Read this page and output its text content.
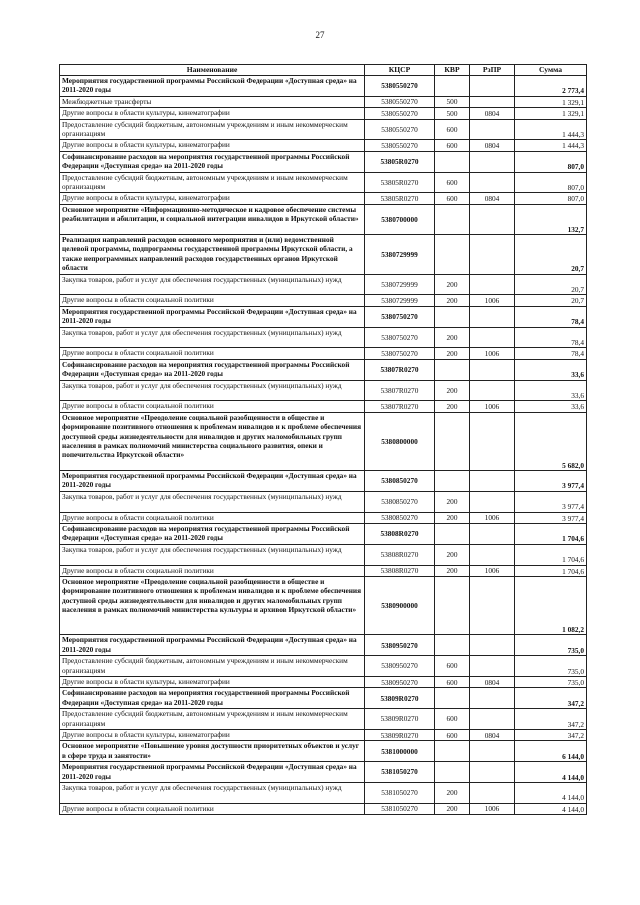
27
Наименование	КЦСР	КВР	РзПР	Сумма
Мероприятия государственной программы Российской Федерации «Доступная среда» на 2011-2020 годы	5380550270			2 773,4
Межбюджетные трансферты	5380550270	500		1 329,1
Другие вопросы в области культуры, кинематографии	5380550270	500	0804	1 329,1
Предоставление субсидий бюджетным, автономным учреждениям и иным некоммерческим организациям	5380550270	600		1 444,3
Другие вопросы в области культуры, кинематографии	5380550270	600	0804	1 444,3
Софинансирование расходов на мероприятия государственной программы Российской Федерации «Доступная среда» на 2011-2020 годы	53805R0270			807,0
Предоставление субсидий бюджетным, автономным учреждениям и иным некоммерческим организациям	53805R0270	600		807,0
Другие вопросы в области культуры, кинематографии	53805R0270	600	0804	807,0
Основное мероприятие «Информационно-методическое и кадровое обеспечение системы реабилитации и абилитации, и социальной интеграции инвалидов в Иркутской области»	5380700000			132,7
Реализация направлений расходов основного мероприятия и (или) ведомственной целевой программы, подпрограммы государственной программы Иркутской области, а также непрограммных направлений расходов государственных органов Иркутской области	5380729999			20,7
Закупка товаров, работ и услуг для обеспечения государственных (муниципальных) нужд	5380729999	200		20,7
Другие вопросы в области социальной политики	5380729999	200	1006	20,7
Мероприятия государственной программы Российской Федерации «Доступная среда» на 2011-2020 годы	5380750270			78,4
Закупка товаров, работ и услуг для обеспечения государственных (муниципальных) нужд	5380750270	200		78,4
Другие вопросы в области социальной политики	5380750270	200	1006	78,4
Софинансирование расходов на мероприятия государственной программы Российской Федерации «Доступная среда» на 2011-2020 годы	53807R0270			33,6
Закупка товаров, работ и услуг для обеспечения государственных (муниципальных) нужд	53807R0270	200		33,6
Другие вопросы в области социальной политики	53807R0270	200	1006	33,6
Основное мероприятие «Преодоление социальной разобщенности в обществе и формирование позитивного отношения к проблемам инвалидов и к проблеме обеспечения доступной среды жизнедеятельности для инвалидов и других маломобильных групп населения в рамках полномочий министерства социального развития, опеки и попечительства Иркутской области»	5380800000			5 682,0
Мероприятия государственной программы Российской Федерации «Доступная среда» на 2011-2020 годы	5380850270			3 977,4
Закупка товаров, работ и услуг для обеспечения государственных (муниципальных) нужд	5380850270	200		3 977,4
Другие вопросы в области социальной политики	5380850270	200	1006	3 977,4
Софинансирование расходов на мероприятия государственной программы Российской Федерации «Доступная среда» на 2011-2020 годы	53808R0270			1 704,6
Закупка товаров, работ и услуг для обеспечения государственных (муниципальных) нужд	53808R0270	200		1 704,6
Другие вопросы в области социальной политики	53808R0270	200	1006	1 704,6
Основное мероприятие «Преодоление социальной разобщенности в обществе и формирование позитивного отношения к проблемам инвалидов и к проблеме обеспечения доступной среды жизнедеятельности для инвалидов и других маломобильных групп населения в рамках полномочий министерства культуры и архивов Иркутской области»	5380900000			1 082,2
Мероприятия государственной программы Российской Федерации «Доступная среда» на 2011-2020 годы	5380950270			735,0
Предоставление субсидий бюджетным, автономным учреждениям и иным некоммерческим организациям	5380950270	600		735,0
Другие вопросы в области культуры, кинематографии	5380950270	600	0804	735,0
Софинансирование расходов на мероприятия государственной программы Российской Федерации «Доступная среда» на 2011-2020 годы	53809R0270			347,2
Предоставление субсидий бюджетным, автономным учреждениям и иным некоммерческим организациям	53809R0270	600		347,2
Другие вопросы в области культуры, кинематографии	53809R0270	600	0804	347,2
Основное мероприятие «Повышение уровня доступности приоритетных объектов и услуг в сфере труда и занятости»	5381000000			6 144,0
Мероприятия государственной программы Российской Федерации «Доступная среда» на 2011-2020 годы	5381050270			4 144,0
Закупка товаров, работ и услуг для обеспечения государственных (муниципальных) нужд	5381050270	200		4 144,0
Другие вопросы в области социальной политики	5381050270	200	1006	4 144,0
